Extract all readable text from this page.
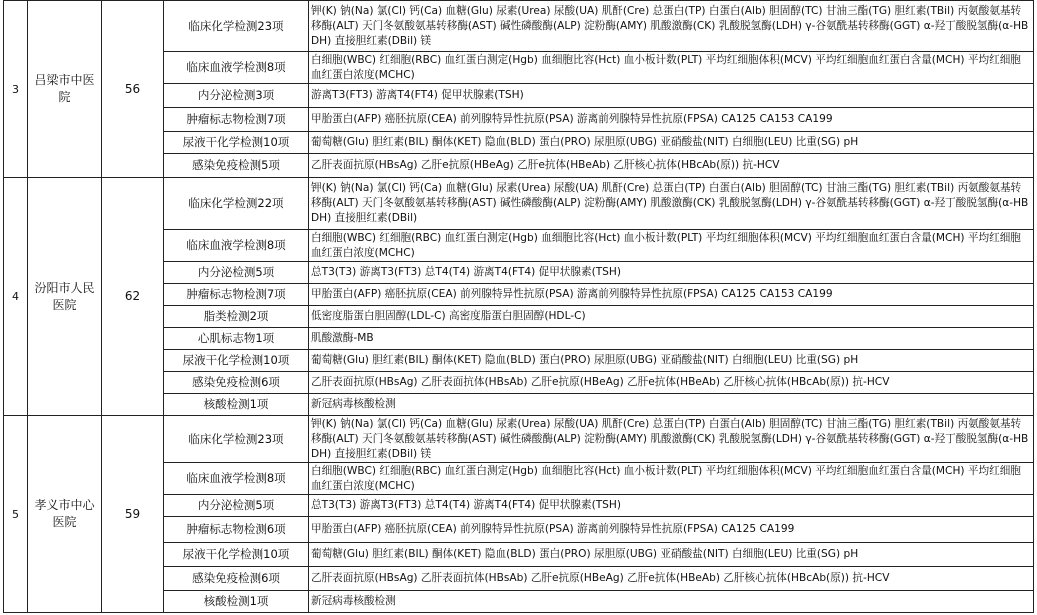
3	吕梁市中医院	56	临床化学检测23项	钾(K) 钠(Na) 氯(Cl) 钙(Ca) 血糖(Glu) 尿素(Urea) 尿酸(UA) 肌酐(Cre) 总蛋白(TP) 白蛋白(Alb) 胆固醇(TC) 甘油三酯(TG) 胆红素(TBil) 丙氨酸氨基转移酶(ALT) 天门冬氨酸氨基转移酶(AST) 碱性磷酸酶(ALP) 淀粉酶(AMY) 肌酸激酶(CK) 乳酸脱氢酶(LDH) γ-谷氨酰基转移酶(GGT) α-羟丁酸脱氢酶(α-HBDH) 直接胆红素(DBil) 镁
			临床血液学检测8项	白细胞(WBC) 红细胞(RBC) 血红蛋白测定(Hgb) 血细胞比容(Hct) 血小板计数(PLT) 平均红细胞体积(MCV) 平均红细胞血红蛋白含量(MCH) 平均红细胞血红蛋白浓度(MCHC)
			内分泌检测3项	游离T3(FT3) 游离T4(FT4) 促甲状腺素(TSH)
			肿瘤标志物检测7项	甲胎蛋白(AFP) 癌胚抗原(CEA) 前列腺特异性抗原(PSA) 游离前列腺特异性抗原(FPSA) CA125 CA153 CA199
			尿液干化学检测10项	葡萄糖(Glu) 胆红素(BIL) 酮体(KET) 隐血(BLD) 蛋白(PRO) 尿胆原(UBG) 亚硝酸盐(NIT) 白细胞(LEU) 比重(SG) pH
			感染免疫检测5项	乙肝表面抗原(HBsAg) 乙肝e抗原(HBeAg) 乙肝e抗体(HBeAb) 乙肝核心抗体(HBcAb(原)) 抗-HCV
4	汾阳市人民医院	62	临床化学检测22项	钾(K) 钠(Na) 氯(Cl) 钙(Ca) 血糖(Glu) 尿素(Urea) 尿酸(UA) 肌酐(Cre) 总蛋白(TP) 白蛋白(Alb) 胆固醇(TC) 甘油三酯(TG) 胆红素(TBil) 丙氨酸氨基转移酶(ALT) 天门冬氨酸氨基转移酶(AST) 碱性磷酸酶(ALP) 淀粉酶(AMY) 肌酸激酶(CK) 乳酸脱氢酶(LDH) γ-谷氨酰基转移酶(GGT) α-羟丁酸脱氢酶(α-HBDH) 直接胆红素(DBil)
			临床血液学检测8项	白细胞(WBC) 红细胞(RBC) 血红蛋白测定(Hgb) 血细胞比容(Hct) 血小板计数(PLT) 平均红细胞体积(MCV) 平均红细胞血红蛋白含量(MCH) 平均红细胞血红蛋白浓度(MCHC)
			内分泌检测5项	总T3(T3) 游离T3(FT3) 总T4(T4) 游离T4(FT4) 促甲状腺素(TSH)
			肿瘤标志物检测7项	甲胎蛋白(AFP) 癌胚抗原(CEA) 前列腺特异性抗原(PSA) 游离前列腺特异性抗原(FPSA) CA125 CA153 CA199
			脂类检测2项	低密度脂蛋白胆固醇(LDL-C) 高密度脂蛋白胆固醇(HDL-C)
			心肌标志物1项	肌酸激酶-MB
			尿液干化学检测10项	葡萄糖(Glu) 胆红素(BIL) 酮体(KET) 隐血(BLD) 蛋白(PRO) 尿胆原(UBG) 亚硝酸盐(NIT) 白细胞(LEU) 比重(SG) pH
			感染免疫检测6项	乙肝表面抗原(HBsAg) 乙肝表面抗体(HBsAb) 乙肝e抗原(HBeAg) 乙肝e抗体(HBeAb) 乙肝核心抗体(HBcAb(原)) 抗-HCV
			核酸检测1项	新冠病毒核酸检测
5	孝义市中心医院	59	临床化学检测23项	钾(K) 钠(Na) 氯(Cl) 钙(Ca) 血糖(Glu) 尿素(Urea) 尿酸(UA) 肌酐(Cre) 总蛋白(TP) 白蛋白(Alb) 胆固醇(TC) 甘油三酯(TG) 胆红素(TBil) 丙氨酸氨基转移酶(ALT) 天门冬氨酸氨基转移酶(AST) 碱性磷酸酶(ALP) 淀粉酶(AMY) 肌酸激酶(CK) 乳酸脱氢酶(LDH) γ-谷氨酰基转移酶(GGT) α-羟丁酸脱氢酶(α-HBDH) 直接胆红素(DBil) 镁
			临床血液学检测8项	白细胞(WBC) 红细胞(RBC) 血红蛋白测定(Hgb) 血细胞比容(Hct) 血小板计数(PLT) 平均红细胞体积(MCV) 平均红细胞血红蛋白含量(MCH) 平均红细胞血红蛋白浓度(MCHC)
			内分泌检测5项	总T3(T3) 游离T3(FT3) 总T4(T4) 游离T4(FT4) 促甲状腺素(TSH)
			肿瘤标志物检测6项	甲胎蛋白(AFP) 癌胚抗原(CEA) 前列腺特异性抗原(PSA) 游离前列腺特异性抗原(FPSA) CA125 CA199
			尿液干化学检测10项	葡萄糖(Glu) 胆红素(BIL) 酮体(KET) 隐血(BLD) 蛋白(PRO) 尿胆原(UBG) 亚硝酸盐(NIT) 白细胞(LEU) 比重(SG) pH
			感染免疫检测6项	乙肝表面抗原(HBsAg) 乙肝表面抗体(HBsAb) 乙肝e抗原(HBeAg) 乙肝e抗体(HBeAb) 乙肝核心抗体(HBcAb(原)) 抗-HCV
			核酸检测1项	新冠病毒核酸检测
